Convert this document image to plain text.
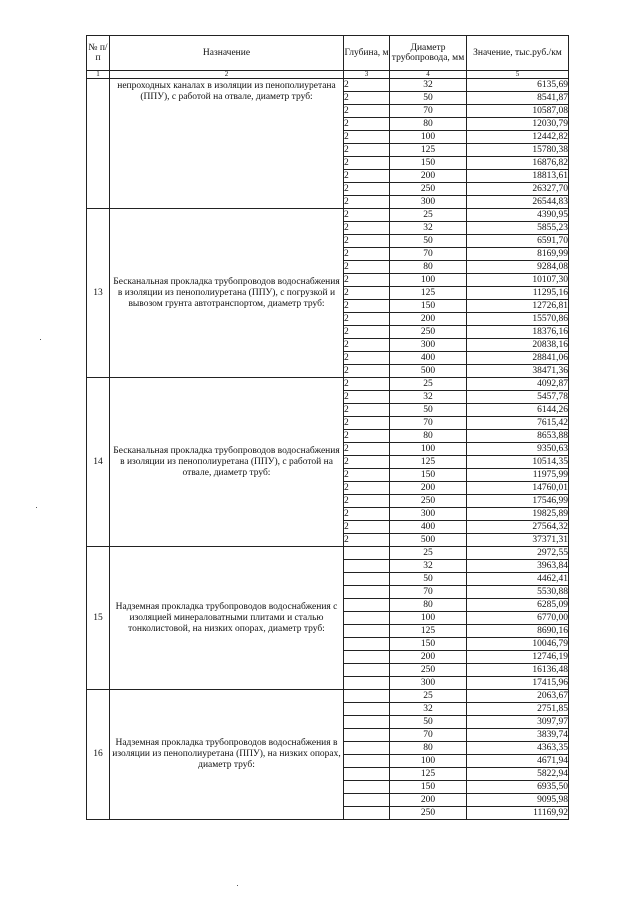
№ п/п	Назначение	Глубина, м	Диаметр трубопровода, мм	Значение, тыс.руб./км
1	2	3	4	5
	непроходных каналах в изоляции из пенополиуретана (ППУ), с работой на отвале, диаметр труб:	2	32	6135,69
		2	50	8541,87
		2	70	10587,08
		2	80	12030,79
		2	100	12442,82
		2	125	15780,38
		2	150	16876,82
		2	200	18813,61
		2	250	26327,70
		2	300	26544,83
13	Бесканальная прокладка трубопроводов водоснабжения в изоляции из пенополиуретана (ППУ), с погрузкой и вывозом грунта автотранспортом, диаметр труб:	2	25	4390,95
		2	32	5855,23
		2	50	6591,70
		2	70	8169,99
		2	80	9284,08
		2	100	10107,30
		2	125	11295,16
		2	150	12726,81
		2	200	15570,86
		2	250	18376,16
		2	300	20838,16
		2	400	28841,06
		2	500	38471,36
14	Бесканальная прокладка трубопроводов водоснабжения в изоляции из пенополиуретана (ППУ), с работой на отвале, диаметр труб:	2	25	4092,87
		2	32	5457,78
		2	50	6144,26
		2	70	7615,42
		2	80	8653,88
		2	100	9350,63
		2	125	10514,35
		2	150	11975,99
		2	200	14760,01
		2	250	17546,99
		2	300	19825,89
		2	400	27564,32
		2	500	37371,31
15	Надземная прокладка трубопроводов водоснабжения с изоляцией минераловатными плитами и сталью тонколистовой, на низких опорах, диаметр труб:		25	2972,55
			32	3963,84
			50	4462,41
			70	5530,88
			80	6285,09
			100	6770,00
			125	8690,16
			150	10046,79
			200	12746,19
			250	16136,48
			300	17415,96
16	Надземная прокладка трубопроводов водоснабжения в изоляции из пенополиуретана (ППУ), на низких опорах, диаметр труб:		25	2063,67
			32	2751,85
			50	3097,97
			70	3839,74
			80	4363,35
			100	4671,94
			125	5822,94
			150	6935,50
			200	9095,98
			250	11169,92
